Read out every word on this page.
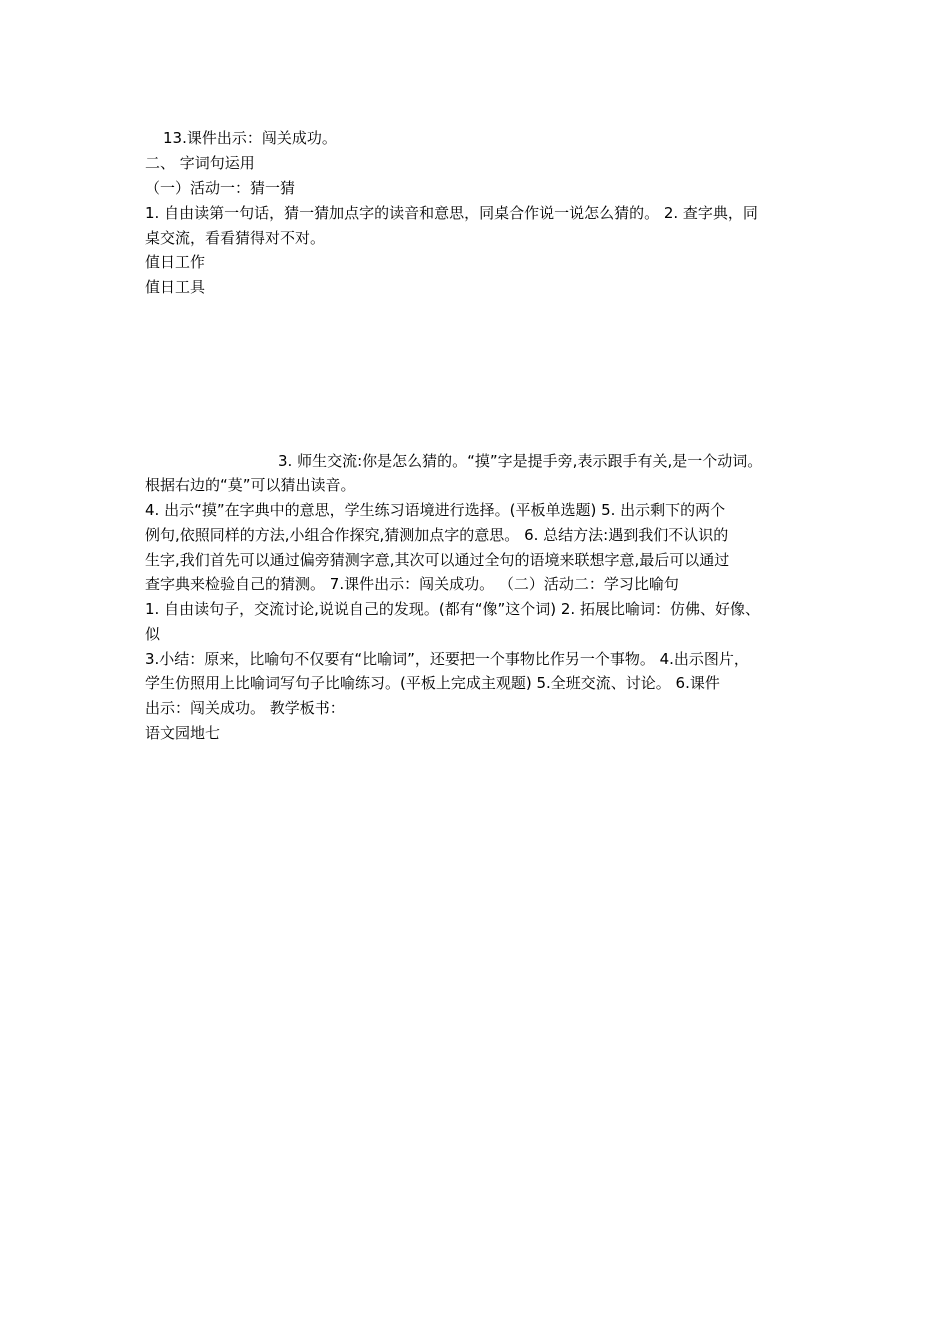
13.课件出示：闯关成功。
二、 字词句运用
（一）活动一：猜一猜
1. 自由读第一句话，猜一猜加点字的读音和意思，同桌合作说一说怎么猜的。 2. 查字典，同
桌交流，看看猜得对不对。
值日工作
值日工具
3. 师生交流:你是怎么猜的。“摸”字是提手旁,表示跟手有关,是一个动词。
根据右边的“莫”可以猜出读音。
4. 出示“摸”在字典中的意思，学生练习语境进行选择。(平板单选题) 5. 出示剩下的两个
例句,依照同样的方法,小组合作探究,猜测加点字的意思。 6. 总结方法:遇到我们不认识的
生字,我们首先可以通过偏旁猜测字意,其次可以通过全句的语境来联想字意,最后可以通过
查字典来检验自己的猜测。 7.课件出示：闯关成功。 （二）活动二：学习比喻句
1. 自由读句子，交流讨论,说说自己的发现。(都有“像”这个词) 2. 拓展比喻词：仿佛、好像、
似
3.小结：原来，比喻句不仅要有“比喻词”，还要把一个事物比作另一个事物。 4.出示图片，
学生仿照用上比喻词写句子比喻练习。(平板上完成主观题) 5.全班交流、讨论。 6.课件
出示：闯关成功。 教学板书：
语文园地七
